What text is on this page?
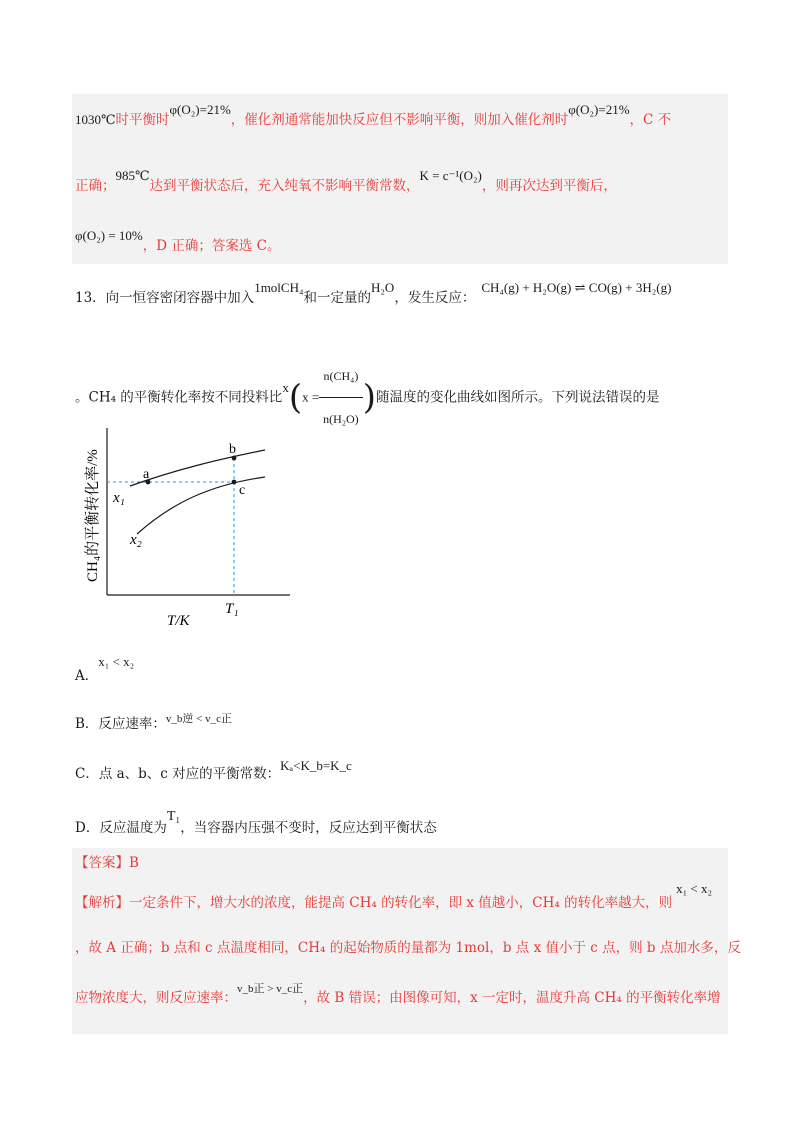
1030℃时平衡时φ(O₂)=21%，催化剂通常能加快反应但不影响平衡，则加入催化剂时φ(O₂)=21%，C 不
正确；985℃达到平衡状态后，充入纯氧不影响平衡常数，K = c⁻¹(O₂)，则再次达到平衡后，
φ(O₂) = 10%，D 正确；答案选 C。
13．向一恒容密闭容器中加入1molCH₄和一定量的H₂O，发生反应：CH₄(g) + H₂O(g) ⇌ CO(g) + 3H₂(g)
。CH₄ 的平衡转化率按不同投料比$x(x = \frac{\text{n(CH₄)}}{\text{n(H₂O)}}$ )随温度的变化曲线如图所示。下列说法错误的是
a
b
c
x₁
x₂
T₁
T/K
CH₄的平衡转化率/%
A．x₁ < x₂
B．反应速率：v_b逆 < v_c正
C．点 a、b、c 对应的平衡常数：Kₐ<K_b=K_c
D．反应温度为T₁，当容器内压强不变时，反应达到平衡状态
【答案】B
【解析】一定条件下，增大水的浓度，能提高 CH₄ 的转化率，即 x 值越小，CH₄ 的转化率越大，则x₁ < x₂
，故 A 正确；b 点和 c 点温度相同，CH₄ 的起始物质的量都为 1mol，b 点 x 值小于 c 点，则 b 点加水多，反
应物浓度大，则反应速率：$^{v\_b正 > v\_c正}$，故 B 错误；由图像可知，x 一定时，温度升高 CH₄ 的平衡转化率增
